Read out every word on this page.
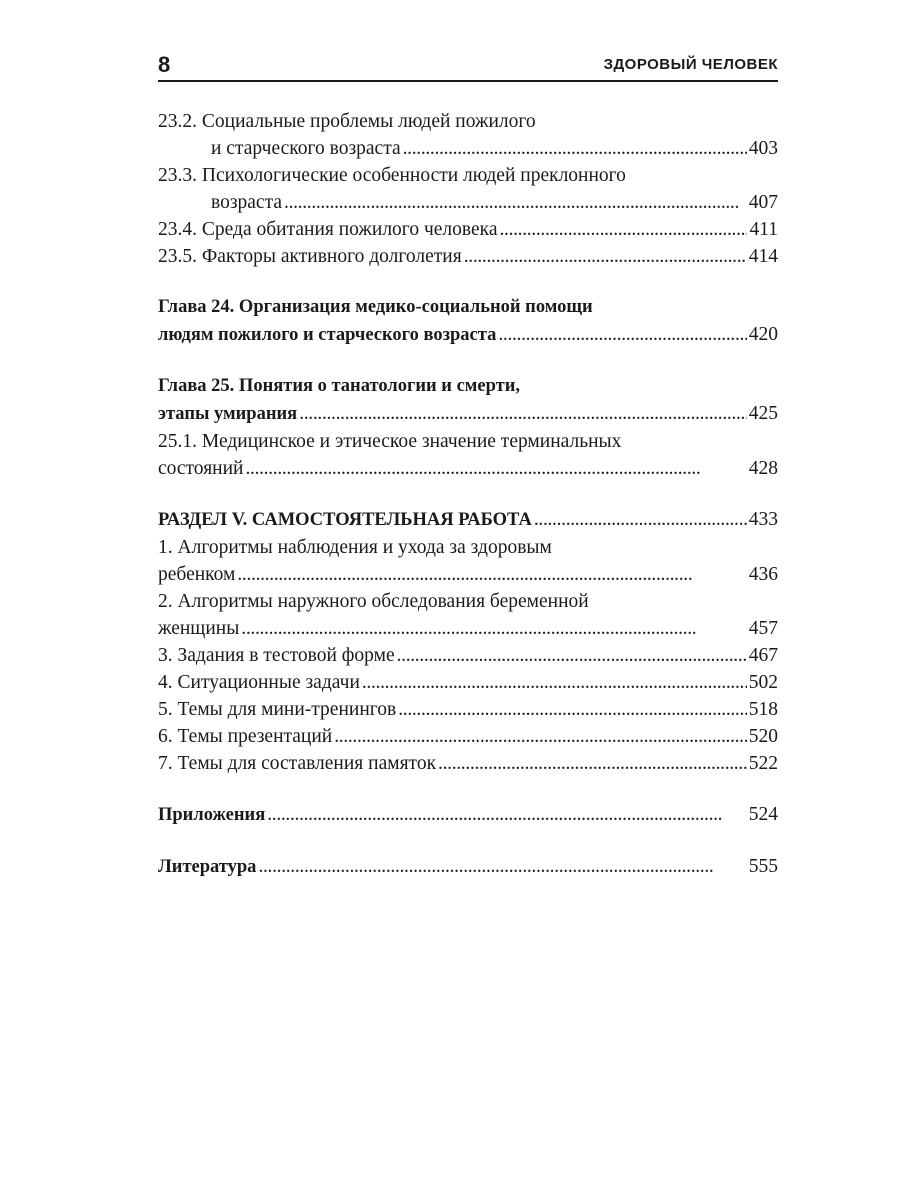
8	ЗДОРОВЫЙ ЧЕЛОВЕК
23.2. Социальные проблемы людей пожилого
и старческого возраста . . .	403
23.3. Психологические особенности людей преклонного
возраста . . .	407
23.4. Среда обитания пожилого человека . . .	411
23.5. Факторы активного долголетия . . .	414
Глава 24. Организация медико-социальной помощи
людям пожилого и старческого возраста . . .	420
Глава 25. Понятия о танатологии и смерти,
этапы умирания . . .	425
25.1. Медицинское и этическое значение терминальных
состояний . . .	428
РАЗДЕЛ V. САМОСТОЯТЕЛЬНАЯ РАБОТА . . .	433
1. Алгоритмы наблюдения и ухода за здоровым
ребенком . . .	436
2. Алгоритмы наружного обследования беременной
женщины . . .	457
3. Задания в тестовой форме . . .	467
4. Ситуационные задачи . . .	502
5. Темы для мини-тренингов . . .	518
6. Темы презентаций . . .	520
7. Темы для составления памяток . . .	522
Приложения . . .	524
Литература . . .	555
